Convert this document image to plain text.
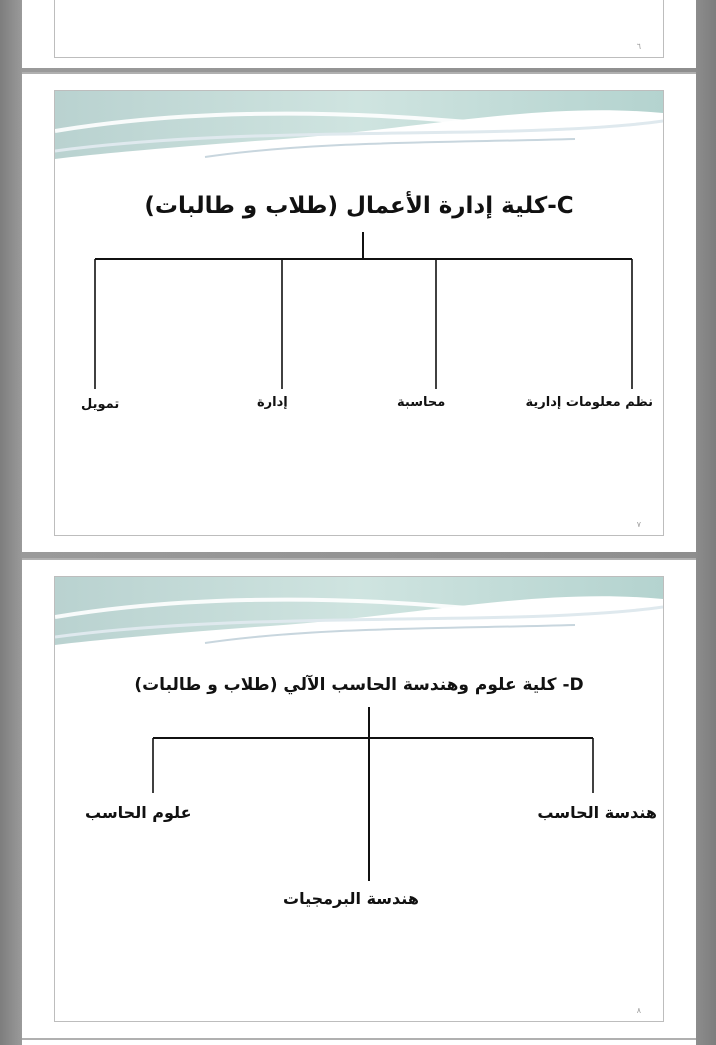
٦
C-كلية إدارة الأعمال (طلاب و طالبات)
نظم معلومات إدارية
محاسبة
إدارة
تمويل
٧
D- كلية علوم وهندسة الحاسب الآلي (طلاب و طالبات)
هندسة الحاسب
هندسة البرمجيات
علوم الحاسب
٨
